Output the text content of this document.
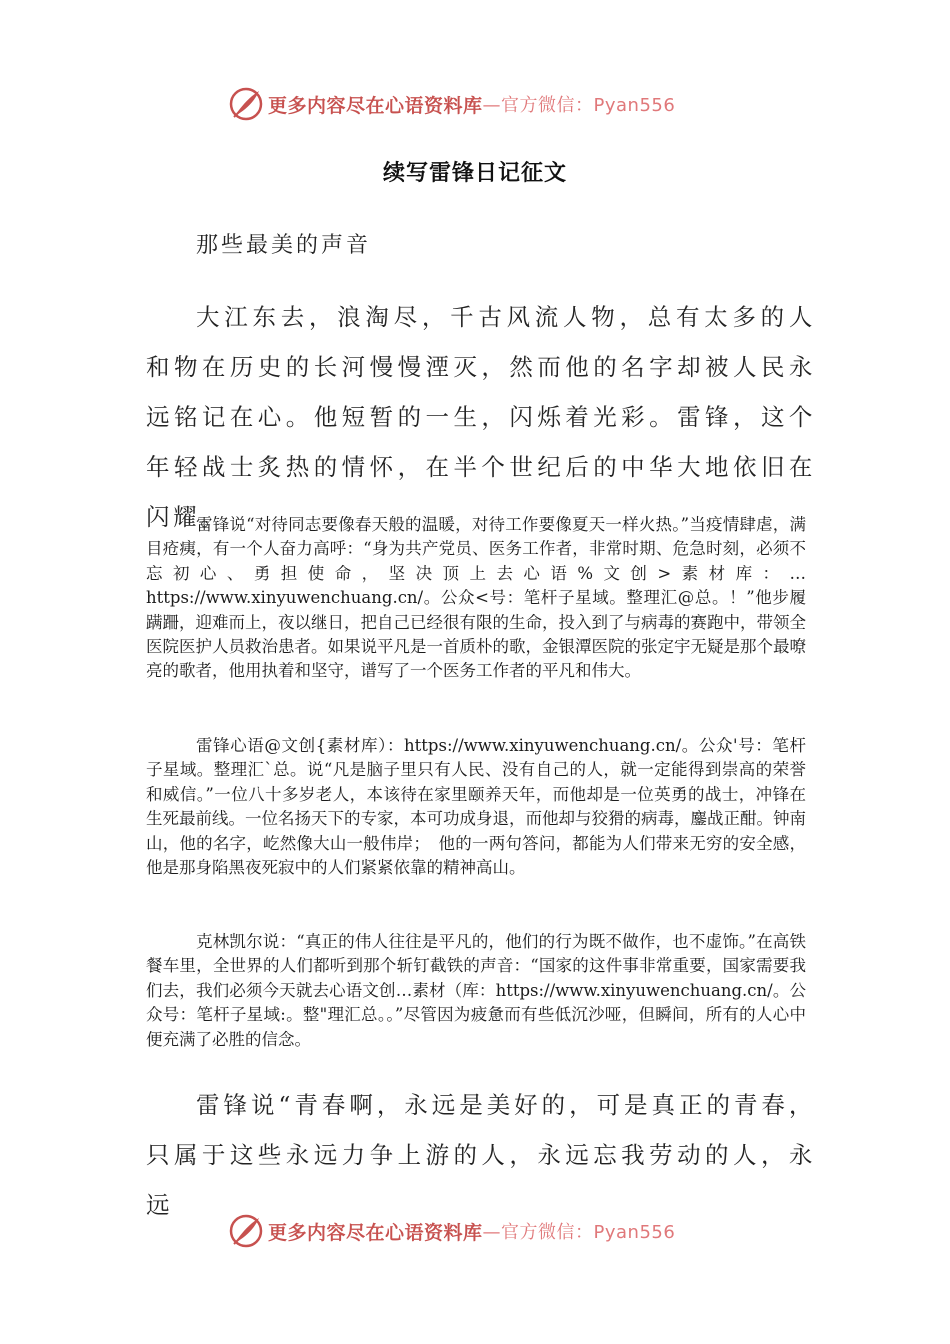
更多内容尽在心语资料库 —官方微信：Pyan556
续写雷锋日记征文
那些最美的声音

大江东去，浪淘尽，千古风流人物，总有太多的人和物在历史的长河慢慢湮灭，然而他的名字却被人民永远铭记在心。他短暂的一生，闪烁着光彩。雷锋，这个年轻战士炙热的情怀，在半个世纪后的中华大地依旧在闪耀。

雷锋说“对待同志要像春天般的温暖，对待工作要像夏天一样火热。”当疫情肆虐，满目疮痍，有一个人奋力高呼：“身为共产党员、医务工作者，非常时期、危急时刻，必须不忘初心、勇担使命，坚决顶上去心语%文创>素材库：…https://www.xinyuwenchuang.cn/。公众<号：笔杆子星域。整理汇@总。！”他步履蹒跚，迎难而上，夜以继日，把自己已经很有限的生命，投入到了与病毒的赛跑中，带领全医院医护人员救治患者。如果说平凡是一首质朴的歌，金银潭医院的张定宇无疑是那个最嘹亮的歌者，他用执着和坚守，谱写了一个医务工作者的平凡和伟大。

雷锋心语@文创{素材库）：https://www.xinyuwenchuang.cn/。公众'号：笔杆子星域。整理汇`总。说“凡是脑子里只有人民、没有自己的人，就一定能得到崇高的荣誉和威信。”一位八十多岁老人，本该待在家里颐养天年，而他却是一位英勇的战士，冲锋在生死最前线。一位名扬天下的专家，本可功成身退，而他却与狡猾的病毒，鏖战正酣。钟南山，他的名字，屹然像大山一般伟岸；　他的一两句答问，都能为人们带来无穷的安全感，他是那身陷黑夜死寂中的人们紧紧依靠的精神高山。

克林凯尔说：“真正的伟人往往是平凡的，他们的行为既不做作，也不虚饰。”在高铁餐车里，全世界的人们都听到那个斩钉截铁的声音：“国家的这件事非常重要，国家需要我们去，我们必须今天就去心语文创…素材（库：https://www.xinyuwenchuang.cn/。公众号：笔杆子星域:。整"理汇总。。”尽管因为疲惫而有些低沉沙哑，但瞬间，所有的人心中便充满了必胜的信念。

雷锋说“青春啊，永远是美好的，可是真正的青春，只属于这些永远力争上游的人，永远忘我劳动的人，永远

更多内容尽在心语资料库 —官方微信：Pyan556
